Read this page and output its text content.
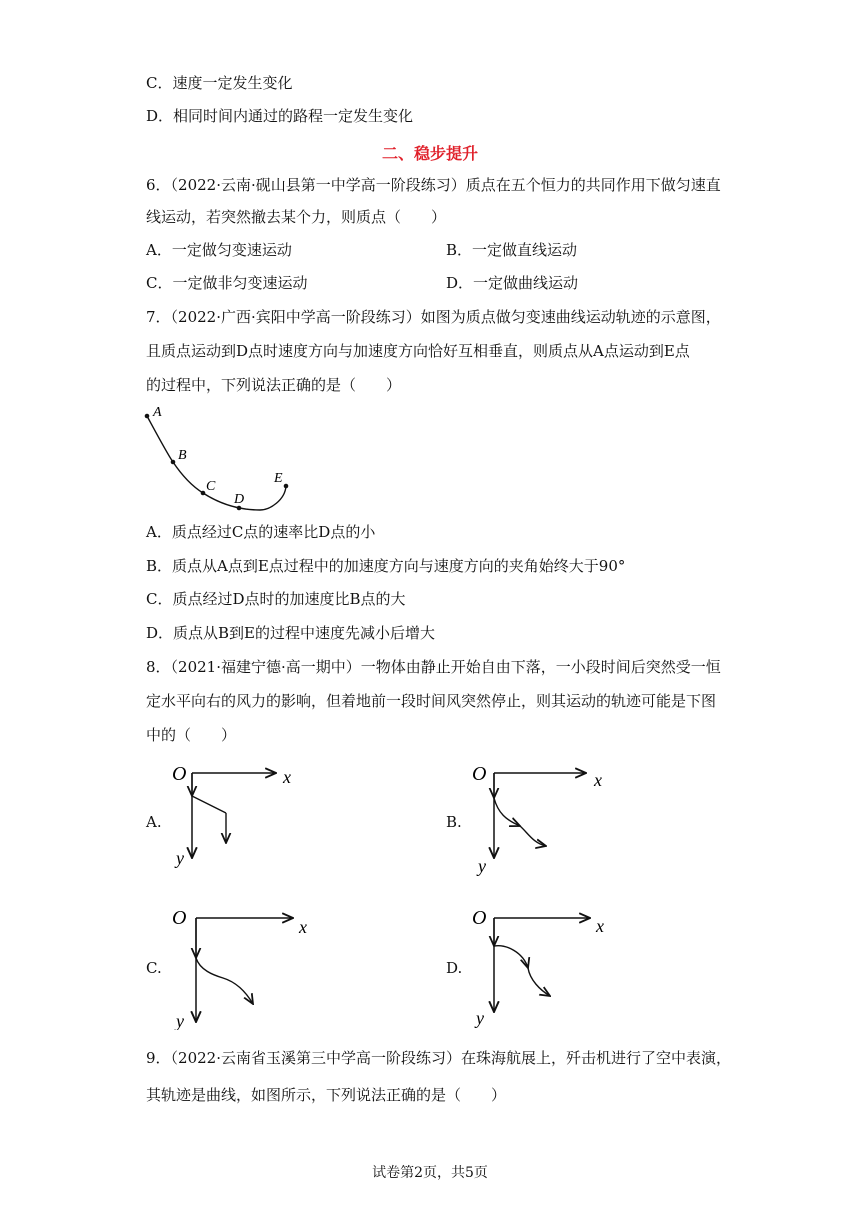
C．速度一定发生变化
D．相同时间内通过的路程一定发生变化
二、稳步提升
6．（2022·云南·砚山县第一中学高一阶段练习）质点在五个恒力的共同作用下做匀速直
线运动，若突然撤去某个力，则质点（　　）
A．一定做匀变速运动	B．一定做直线运动
C．一定做非匀变速运动	D．一定做曲线运动
7．（2022·广西·宾阳中学高一阶段练习）如图为质点做匀变速曲线运动轨迹的示意图，
且质点运动到D点时速度方向与加速度方向恰好互相垂直，则质点从A点运动到E点
的过程中，下列说法正确的是（　　）
A
B
C
D
E
A．质点经过C点的速率比D点的小
B．质点从A点到E点过程中的加速度方向与速度方向的夹角始终大于90°
C．质点经过D点时的加速度比B点的大
D．质点从B到E的过程中速度先减小后增大
8．（2021·福建宁德·高一期中）一物体由静止开始自由下落，一小段时间后突然受一恒
定水平向右的风力的影响，但着地前一段时间风突然停止，则其运动的轨迹可能是下图
中的（　　）
A.
O	x
y
B.
O	x
y
C.
O	x
y
D.
O	x
y
9．（2022·云南省玉溪第三中学高一阶段练习）在珠海航展上，歼击机进行了空中表演，
其轨迹是曲线，如图所示，下列说法正确的是（　　）
试卷第2页，共5页
